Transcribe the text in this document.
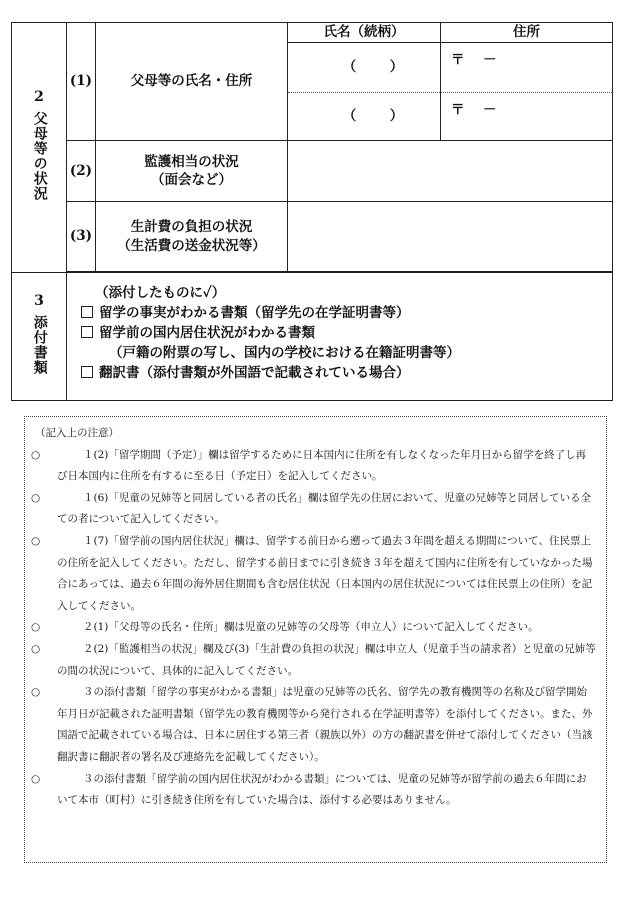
2
父母等の状況	(1)	父母等の氏名・住所	氏名（続柄）	住所
			（　）	〒 －
			（　）	〒 －
	(2)	監護相当の状況
（面会など）		

	(3)	生計費の負担の状況
（生活費の送金状況等）		

3
添付書類	（添付したものに✓）
留学の事実がわかる書類（留学先の在学証明書等）
留学前の国内居住状況がわかる書類
（戸籍の附票の写し、国内の学校における在籍証明書等）
翻訳書（添付書類が外国語で記載されている場合）			
（記入上の注意）
○	１(2)「留学期間（予定）」欄は留学するために日本国内に住所を有しなくなった年月日から留学を終了し再び日本国内に住所を有するに至る日（予定日）を記入してください。
○	１(6)「児童の兄姉等と同居している者の氏名」欄は留学先の住居において、児童の兄姉等と同居している全ての者について記入してください。
○	１(7)「留学前の国内居住状況」欄は、留学する前日から遡って過去３年間を超える期間について、住民票上の住所を記入してください。ただし、留学する前日までに引き続き３年を超えて国内に住所を有していなかった場合にあっては、過去６年間の海外居住期間も含む居住状況（日本国内の居住状況については住民票上の住所）を記入してください。
○	２(1)「父母等の氏名・住所」欄は児童の兄姉等の父母等（申立人）について記入してください。
○	２(2)「監護相当の状況」欄及び(3)「生計費の負担の状況」欄は申立人（児童手当の請求者）と児童の兄姉等の間の状況について、具体的に記入してください。
○	３の添付書類「留学の事実がわかる書類」は児童の兄姉等の氏名、留学先の教育機関等の名称及び留学開始年月日が記載された証明書類（留学先の教育機関等から発行される在学証明書等）を添付してください。また、外国語で記載されている場合は、日本に居住する第三者（親族以外）の方の翻訳書を併せて添付してください（当該翻訳書に翻訳者の署名及び連絡先を記載してください）。
○	３の添付書類「留学前の国内居住状況がわかる書類」については、児童の兄姉等が留学前の過去６年間において本市（町村）に引き続き住所を有していた場合は、添付する必要はありません。
